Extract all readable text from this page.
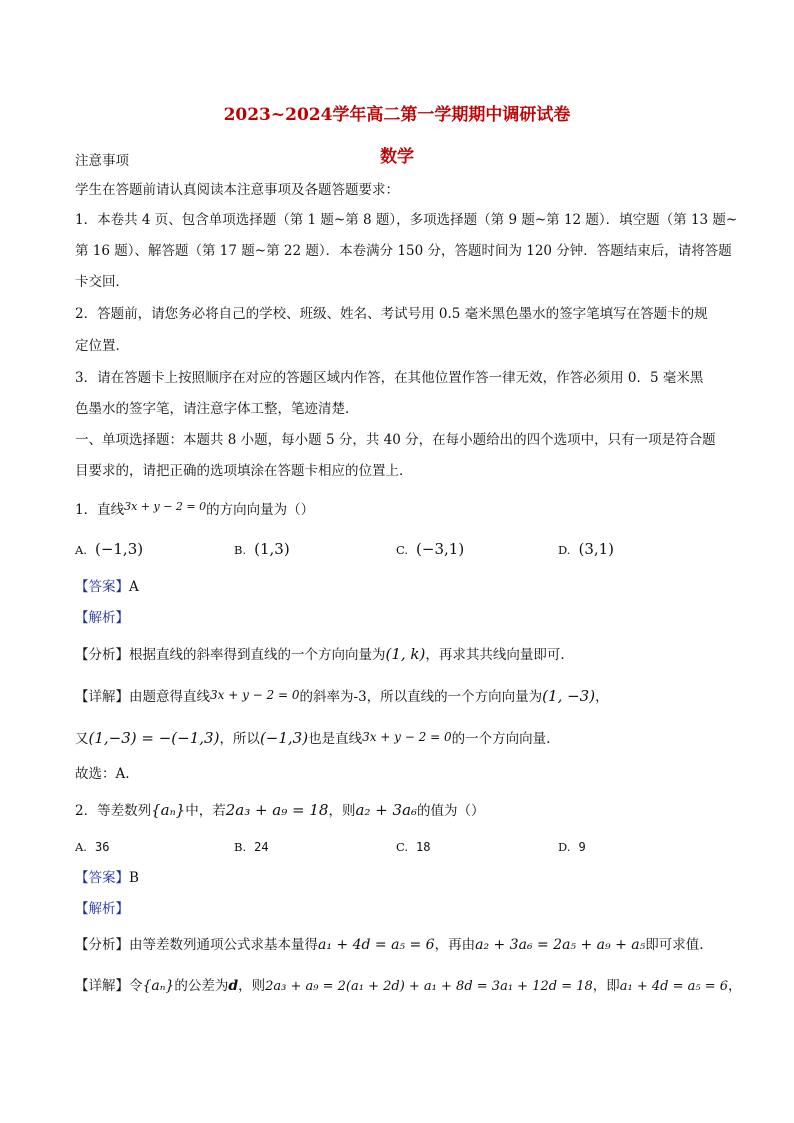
2023~2024学年高二第一学期期中调研试卷
数学
注意事项
学生在答题前请认真阅读本注意事项及各题答题要求：
1．本卷共 4 页、包含单项选择题（第 1 题~第 8 题），多项选择题（第 9 题~第 12 题）．填空题（第 13 题~
第 16 题）、解答题（第 17 题~第 22 题）．本卷满分 150 分，答题时间为 120 分钟．答题结束后，请将答题
卡交回．
2．答题前，请您务必将自己的学校、班级、姓名、考试号用 0.5 毫米黑色墨水的签字笔填写在答题卡的规
定位置．
3．请在答题卡上按照顺序在对应的答题区域内作答，在其他位置作答一律无效，作答必须用 0．5 毫米黑
色墨水的签字笔，请注意字体工整，笔迹清楚．
一、单项选择题：本题共 8 小题，每小题 5 分，共 40 分，在每小题给出的四个选项中，只有一项是符合题
目要求的，请把正确的选项填涂在答题卡相应的位置上．
1．直线$^{3x + y - 2 = 0}$的方向向量为（）
A. (−1,3)	B. (1,3)	C. (−3,1)	D. (3,1)
【答案】A
【解析】
【分析】根据直线的斜率得到直线的一个方向向量为(1, k)，再求其共线向量即可.
【详解】由题意得直线3x + y − 2 = 0的斜率为-3，所以直线的一个方向向量为(1, −3)，
又(1,−3) = −(−1,3)，所以(−1,3)也是直线3x + y − 2 = 0的一个方向向量.
故选：A.
2．等差数列{aₙ}中，若2a₃ + a₉ = 18，则a₂ + 3a₆的值为（）
A. 36	B. 24	C. 18	D. 9
【答案】B
【解析】
【分析】由等差数列通项公式求基本量得a₁ + 4d = a₅ = 6，再由a₂ + 3a₆ = 2a₅ + a₉ + a₅即可求值.
【详解】令{aₙ}的公差为d，则2a₃ + a₉ = 2(a₁ + 2d) + a₁ + 8d = 3a₁ + 12d = 18，即a₁ + 4d = a₅ = 6，
